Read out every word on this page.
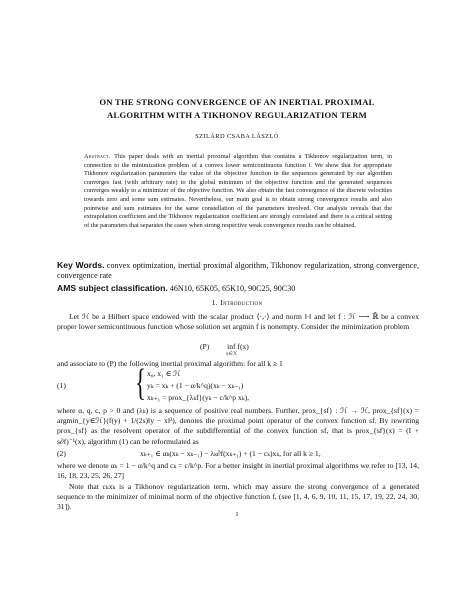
ON THE STRONG CONVERGENCE OF AN INERTIAL PROXIMAL
ALGORITHM WITH A TIKHONOV REGULARIZATION TERM
SZILÁRD CSABA LÁSZLÓ
Abstract. This paper deals with an inertial proximal algorithm that contains a Tikhonov regularization term, in connection to the minimization problem of a convex lower semicontinuous function f. We show that for appropriate Tikhonov regularization parameters the value of the objective function in the sequences generated by our algorithm converges fast (with arbitrary rate) to the global minimum of the objective function and the generated sequences converges weakly to a minimizer of the objective function. We also obtain the fast convergence of the discrete velocities towards zero and some sum estimates. Nevertheless, our main goal is to obtain strong convergence results and also pointwise and sum estimates for the same constellation of the parameters involved. Our analysis reveals that the extrapolation coefficient and the Tikhonov regularization coefficient are strongly correlated and there is a critical setting of the parameters that separates the cases when strong respective weak convergence results can be obtained.
Key Words. convex optimization, inertial proximal algorithm, Tikhonov regularization, strong convergence, convergence rate
AMS subject classification. 46N10, 65K05, 65K10, 90C25, 90C30
1. Introduction
Let ℋ be a Hilbert space endowed with the scalar product ⟨·,·⟩ and norm ‖·‖ and let f : ℋ ⟶ ℝ̄ be a convex proper lower semicontinuous function whose solution set argmin f is nonempty. Consider the minimization problem
(P) inf f(x)
x∈ℋ
and associate to (P) the following inertial proximal algorithm: for all k ≥ 1
(1) { x₀, x₁ ∈ ℋ
yₖ = xₖ + (1 − α/k^q)(xₖ − xₖ₋₁)
xₖ₊₁ = prox_{λₖf}(yₖ − c/k^p xₖ),
where α, q, c, p > 0 and (λₖ) is a sequence of positive real numbers. Further, prox_{sf} : ℋ → ℋ, prox_{sf}(x) = argmin_{y∈ℋ}(f(y) + 1/(2s)‖y − x‖²), denotes the proximal point operator of the convex function sf. By rewriting prox_{sf} as the resolvent operator of the subdifferential of the convex function sf, that is prox_{sf}(x) = (I + s∂f)⁻¹(x), algorithm (1) can be reformulated as
(2)	xₖ₊₁ ∈ αₖ(xₖ − xₖ₋₁) − λₖ∂f(xₖ₊₁) + (1 − cₖ)xₖ, for all k ≥ 1,
where we denote αₖ = 1 − α/k^q and cₖ = c/k^p. For a better insight in inertial proximal algorithms we refer to [13, 14, 16, 18, 23, 25, 26, 27]
Note that cₖxₖ is a Tikhonov regularization term, which may assure the strong convergence of a generated sequence to the minimizer of minimal norm of the objective function f, (see [1, 4, 6, 9, 10, 11, 15, 17, 19, 22, 24, 30, 31]).
1
